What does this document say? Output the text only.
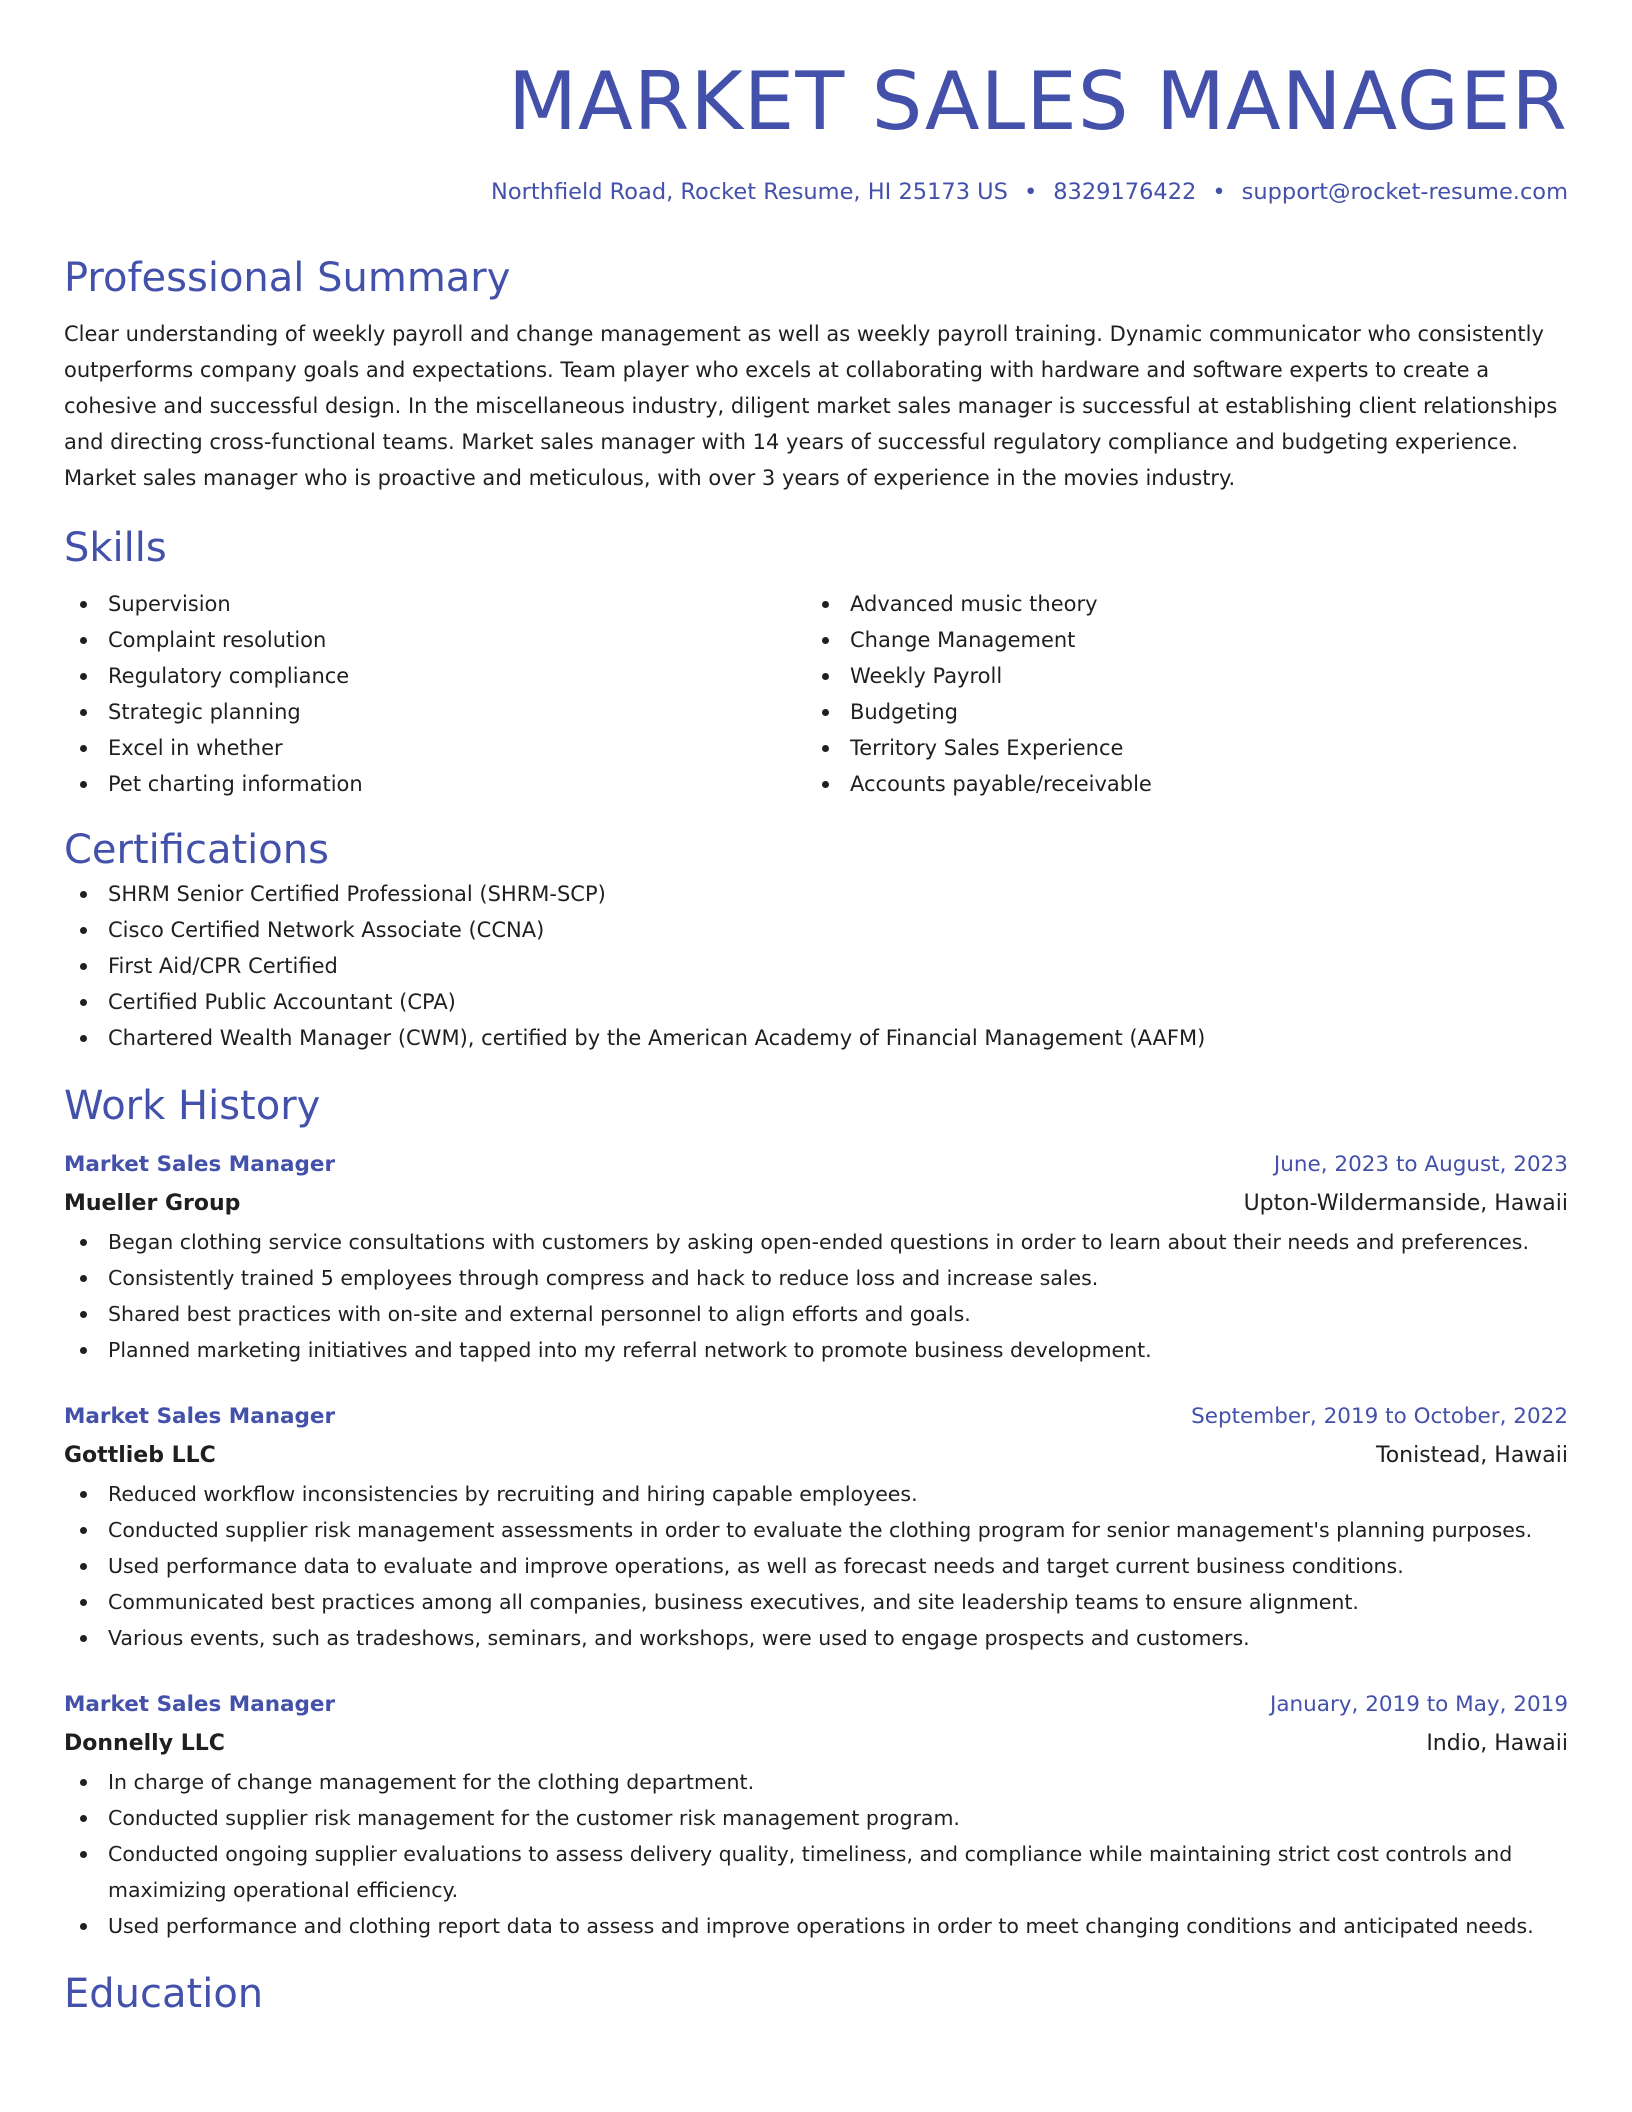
MARKET SALES MANAGER
Northfield Road, Rocket Resume, HI 25173 US • 8329176422 • support@rocket-resume.com
Professional Summary

Clear understanding of weekly payroll and change management as well as weekly payroll training. Dynamic communicator who consistently outperforms company goals and expectations. Team player who excels at collaborating with hardware and software experts to create a cohesive and successful design. In the miscellaneous industry, diligent market sales manager is successful at establishing client relationships and directing cross-functional teams. Market sales manager with 14 years of successful regulatory compliance and budgeting experience. Market sales manager who is proactive and meticulous, with over 3 years of experience in the movies industry.

Skills
Supervision
Complaint resolution
Regulatory compliance
Strategic planning
Excel in whether
Pet charting information
Advanced music theory
Change Management
Weekly Payroll
Budgeting
Territory Sales Experience
Accounts payable/receivable
Certifications
SHRM Senior Certified Professional (SHRM-SCP)
Cisco Certified Network Associate (CCNA)
First Aid/CPR Certified
Certified Public Accountant (CPA)
Chartered Wealth Manager (CWM), certified by the American Academy of Financial Management (AAFM)
Work History
Market Sales Manager	June, 2023 to August, 2023
Mueller Group	Upton-Wildermanside, Hawaii
Began clothing service consultations with customers by asking open-ended questions in order to learn about their needs and preferences.
Consistently trained 5 employees through compress and hack to reduce loss and increase sales.
Shared best practices with on-site and external personnel to align efforts and goals.
Planned marketing initiatives and tapped into my referral network to promote business development.
Market Sales Manager	September, 2019 to October, 2022
Gottlieb LLC	Tonistead, Hawaii
Reduced workflow inconsistencies by recruiting and hiring capable employees.
Conducted supplier risk management assessments in order to evaluate the clothing program for senior management's planning purposes.
Used performance data to evaluate and improve operations, as well as forecast needs and target current business conditions.
Communicated best practices among all companies, business executives, and site leadership teams to ensure alignment.
Various events, such as tradeshows, seminars, and workshops, were used to engage prospects and customers.
Market Sales Manager	January, 2019 to May, 2019
Donnelly LLC	Indio, Hawaii
In charge of change management for the clothing department.
Conducted supplier risk management for the customer risk management program.
Conducted ongoing supplier evaluations to assess delivery quality, timeliness, and compliance while maintaining strict cost controls and maximizing operational efficiency.
Used performance and clothing report data to assess and improve operations in order to meet changing conditions and anticipated needs.
Education
